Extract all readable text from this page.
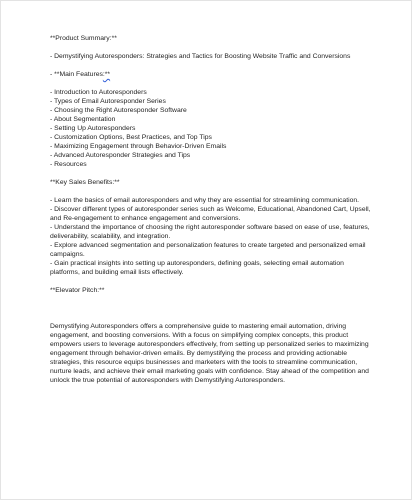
**Product Summary:**

- Demystifying Autoresponders: Strategies and Tactics for Boosting Website Traffic and Conversions

- **Main Features:**

- Introduction to Autoresponders

- Types of Email Autoresponder Series

- Choosing the Right Autoresponder Software

- About Segmentation

- Setting Up Autoresponders

- Customization Options, Best Practices, and Top Tips

- Maximizing Engagement through Behavior-Driven Emails

- Advanced Autoresponder Strategies and Tips

- Resources

**Key Sales Benefits:**

- Learn the basics of email autoresponders and why they are essential for streamlining communication.

- Discover different types of autoresponder series such as Welcome, Educational, Abandoned Cart, Upsell, and Re-engagement to enhance engagement and conversions.

- Understand the importance of choosing the right autoresponder software based on ease of use, features, deliverability, scalability, and integration.

- Explore advanced segmentation and personalization features to create targeted and personalized email campaigns.

- Gain practical insights into setting up autoresponders, defining goals, selecting email automation platforms, and building email lists effectively.

**Elevator Pitch:**

Demystifying Autoresponders offers a comprehensive guide to mastering email automation, driving engagement, and boosting conversions. With a focus on simplifying complex concepts, this product empowers users to leverage autoresponders effectively, from setting up personalized series to maximizing engagement through behavior-driven emails. By demystifying the process and providing actionable strategies, this resource equips businesses and marketers with the tools to streamline communication, nurture leads, and achieve their email marketing goals with confidence. Stay ahead of the competition and unlock the true potential of autoresponders with Demystifying Autoresponders.
